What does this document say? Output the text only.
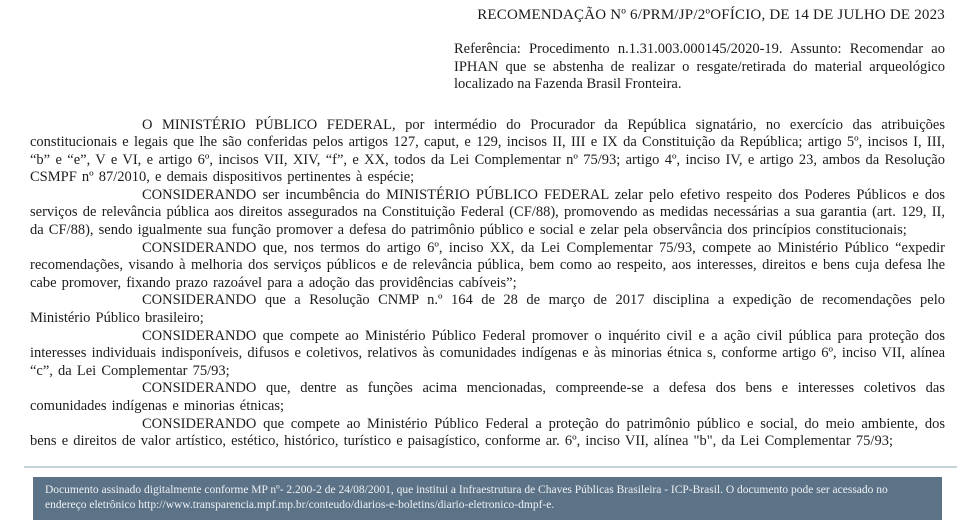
RECOMENDAÇÃO Nº 6/PRM/JP/2ºOFÍCIO, DE 14 DE JULHO DE 2023
Referência: Procedimento n.1.31.003.000145/2020-19. Assunto: Recomendar ao IPHAN que se abstenha de realizar o resgate/retirada do material arqueológico localizado na Fazenda Brasil Fronteira.

O MINISTÉRIO PÚBLICO FEDERAL, por intermédio do Procurador da República signatário, no exercício das atribuições constitucionais e legais que lhe são conferidas pelos artigos 127, caput, e 129, incisos II, III e IX da Constituição da República; artigo 5º, incisos I, III, “b” e “e”, V e VI, e artigo 6º, incisos VII, XIV, “f”, e XX, todos da Lei Complementar nº 75/93; artigo 4º, inciso IV, e artigo 23, ambos da Resolução CSMPF nº 87/2010, e demais dispositivos pertinentes à espécie;

CONSIDERANDO ser incumbência do MINISTÉRIO PÚBLICO FEDERAL zelar pelo efetivo respeito dos Poderes Públicos e dos serviços de relevância pública aos direitos assegurados na Constituição Federal (CF/88), promovendo as medidas necessárias a sua garantia (art. 129, II, da CF/88), sendo igualmente sua função promover a defesa do patrimônio público e social e zelar pela observância dos princípios constitucionais;

CONSIDERANDO que, nos termos do artigo 6º, inciso XX, da Lei Complementar 75/93, compete ao Ministério Público “expedir recomendações, visando à melhoria dos serviços públicos e de relevância pública, bem como ao respeito, aos interesses, direitos e bens cuja defesa lhe cabe promover, fixando prazo razoável para a adoção das providências cabíveis”;

CONSIDERANDO que a Resolução CNMP n.º 164 de 28 de março de 2017 disciplina a expedição de recomendações pelo Ministério Público brasileiro;

CONSIDERANDO que compete ao Ministério Público Federal promover o inquérito civil e a ação civil pública para proteção dos interesses individuais indisponíveis, difusos e coletivos, relativos às comunidades indígenas e às minorias étnica s, conforme artigo 6º, inciso VII, alínea “c”, da Lei Complementar 75/93;

CONSIDERANDO que, dentre as funções acima mencionadas, compreende-se a defesa dos bens e interesses coletivos das comunidades indígenas e minorias étnicas;

CONSIDERANDO que compete ao Ministério Público Federal a proteção do patrimônio público e social, do meio ambiente, dos bens e direitos de valor artístico, estético, histórico, turístico e paisagístico, conforme ar. 6º, inciso VII, alínea "b", da Lei Complementar 75/93;

Documento assinado digitalmente conforme MP nº- 2.200-2 de 24/08/2001, que institui a Infraestrutura de Chaves Públicas Brasileira - ICP-Brasil. O documento pode ser acessado no endereço eletrônico http://www.transparencia.mpf.mp.br/conteudo/diarios-e-boletins/diario-eletronico-dmpf-e.
